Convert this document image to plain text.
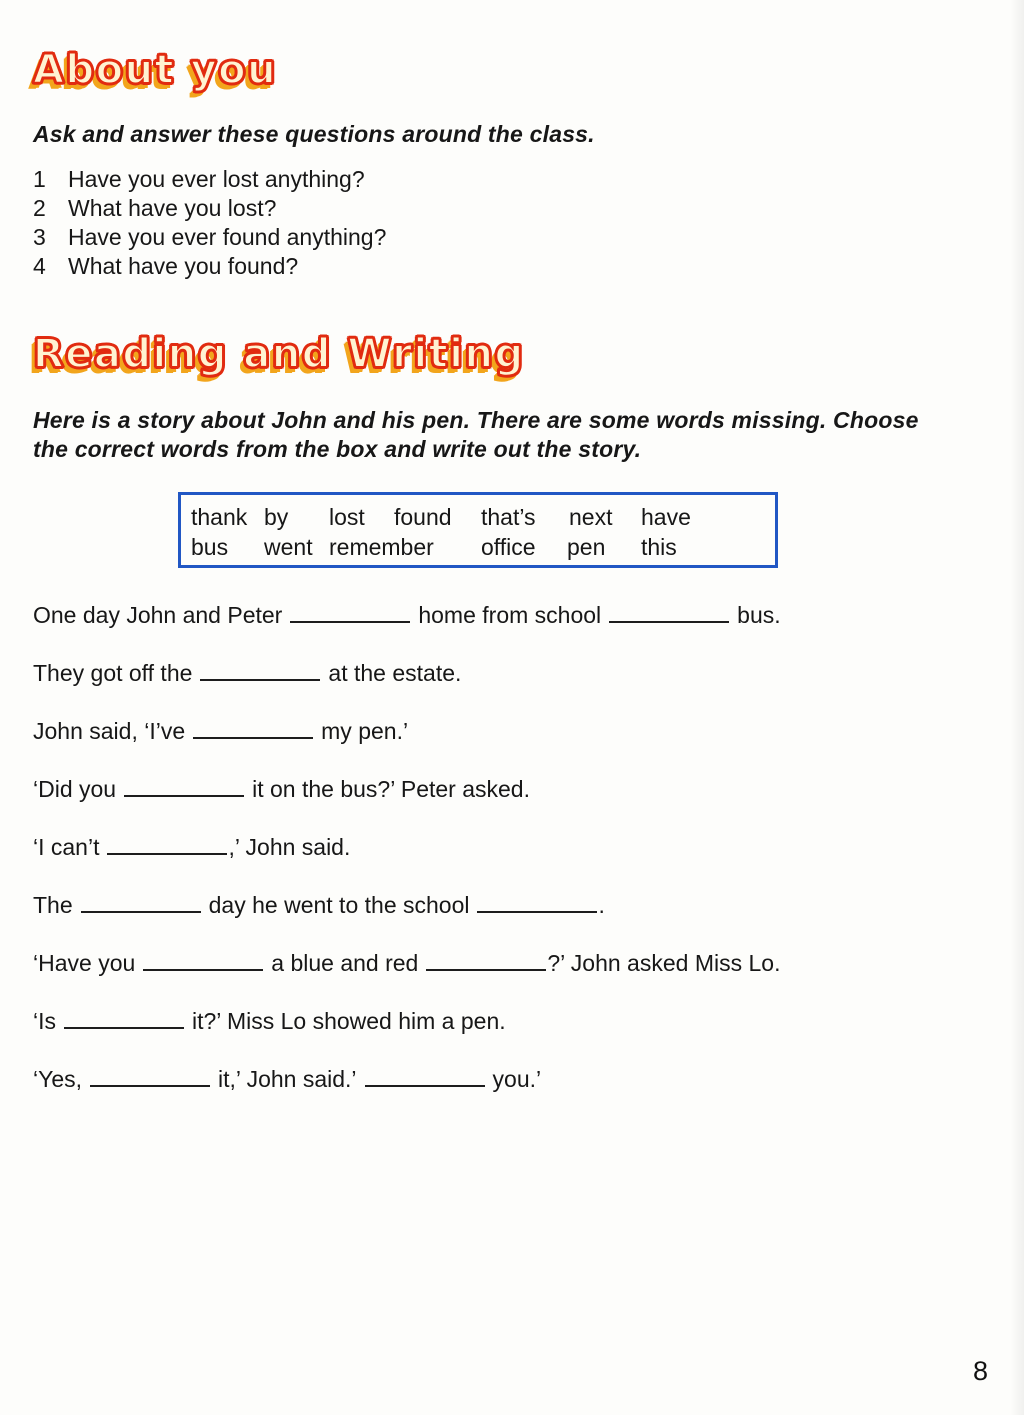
About you

Ask and answer these questions around the class.

1 Have you ever lost anything?
2 What have you lost?
3 Have you ever found anything?
4 What have you found?
Reading and Writing

Here is a story about John and his pen. There are some words missing. Choose
the correct words from the box and write out the story.

thank by lost found that’s next have
bus went remember office pen this

One day John and Peter	home from school	bus.

They got off the	at the estate.

John said, ‘I’ve	my pen.’

‘Did you	it on the bus?’ Peter asked.

‘I can’t	,’ John said.

The	day he went to the school	.

‘Have you	a blue and red	?’ John asked Miss Lo.

‘Is	it?’ Miss Lo showed him a pen.

‘Yes,	it,’ John said.’	you.’

8
